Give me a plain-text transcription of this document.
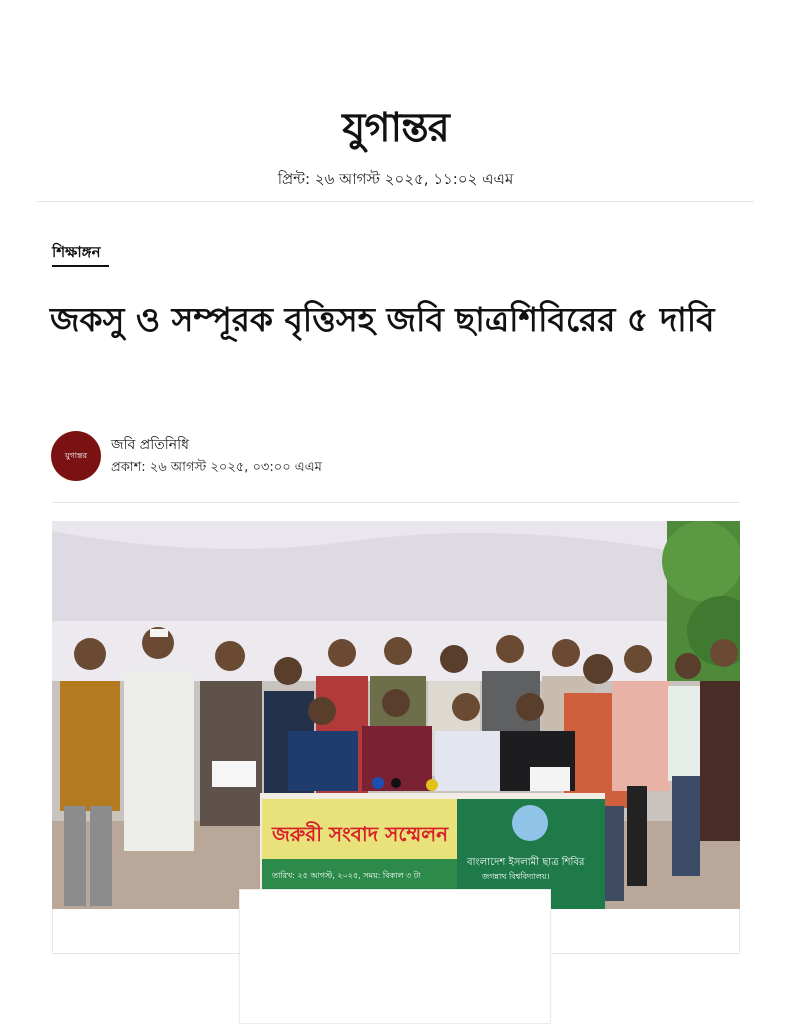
যুগান্তর
প্রিন্ট: ২৬ আগস্ট ২০২৫, ১১:০২ এএম
শিক্ষাঙ্গন
জকসু ও সম্পূরক বৃত্তিসহ জবি ছাত্রশিবিরের ৫ দাবি
যুগান্তর
জবি প্রতিনিধি
প্রকাশ: ২৬ আগস্ট ২০২৫, ০৩:০০ এএম
জরুরী সংবাদ সম্মেলন
তারিখ: ২৫ আগস্ট, ২০২৫, সময়: বিকাল ৩ টা
বাংলাদেশ ইসলামী ছাত্র শিবির
জগন্নাথ বিশ্ববিদ্যালয়।
